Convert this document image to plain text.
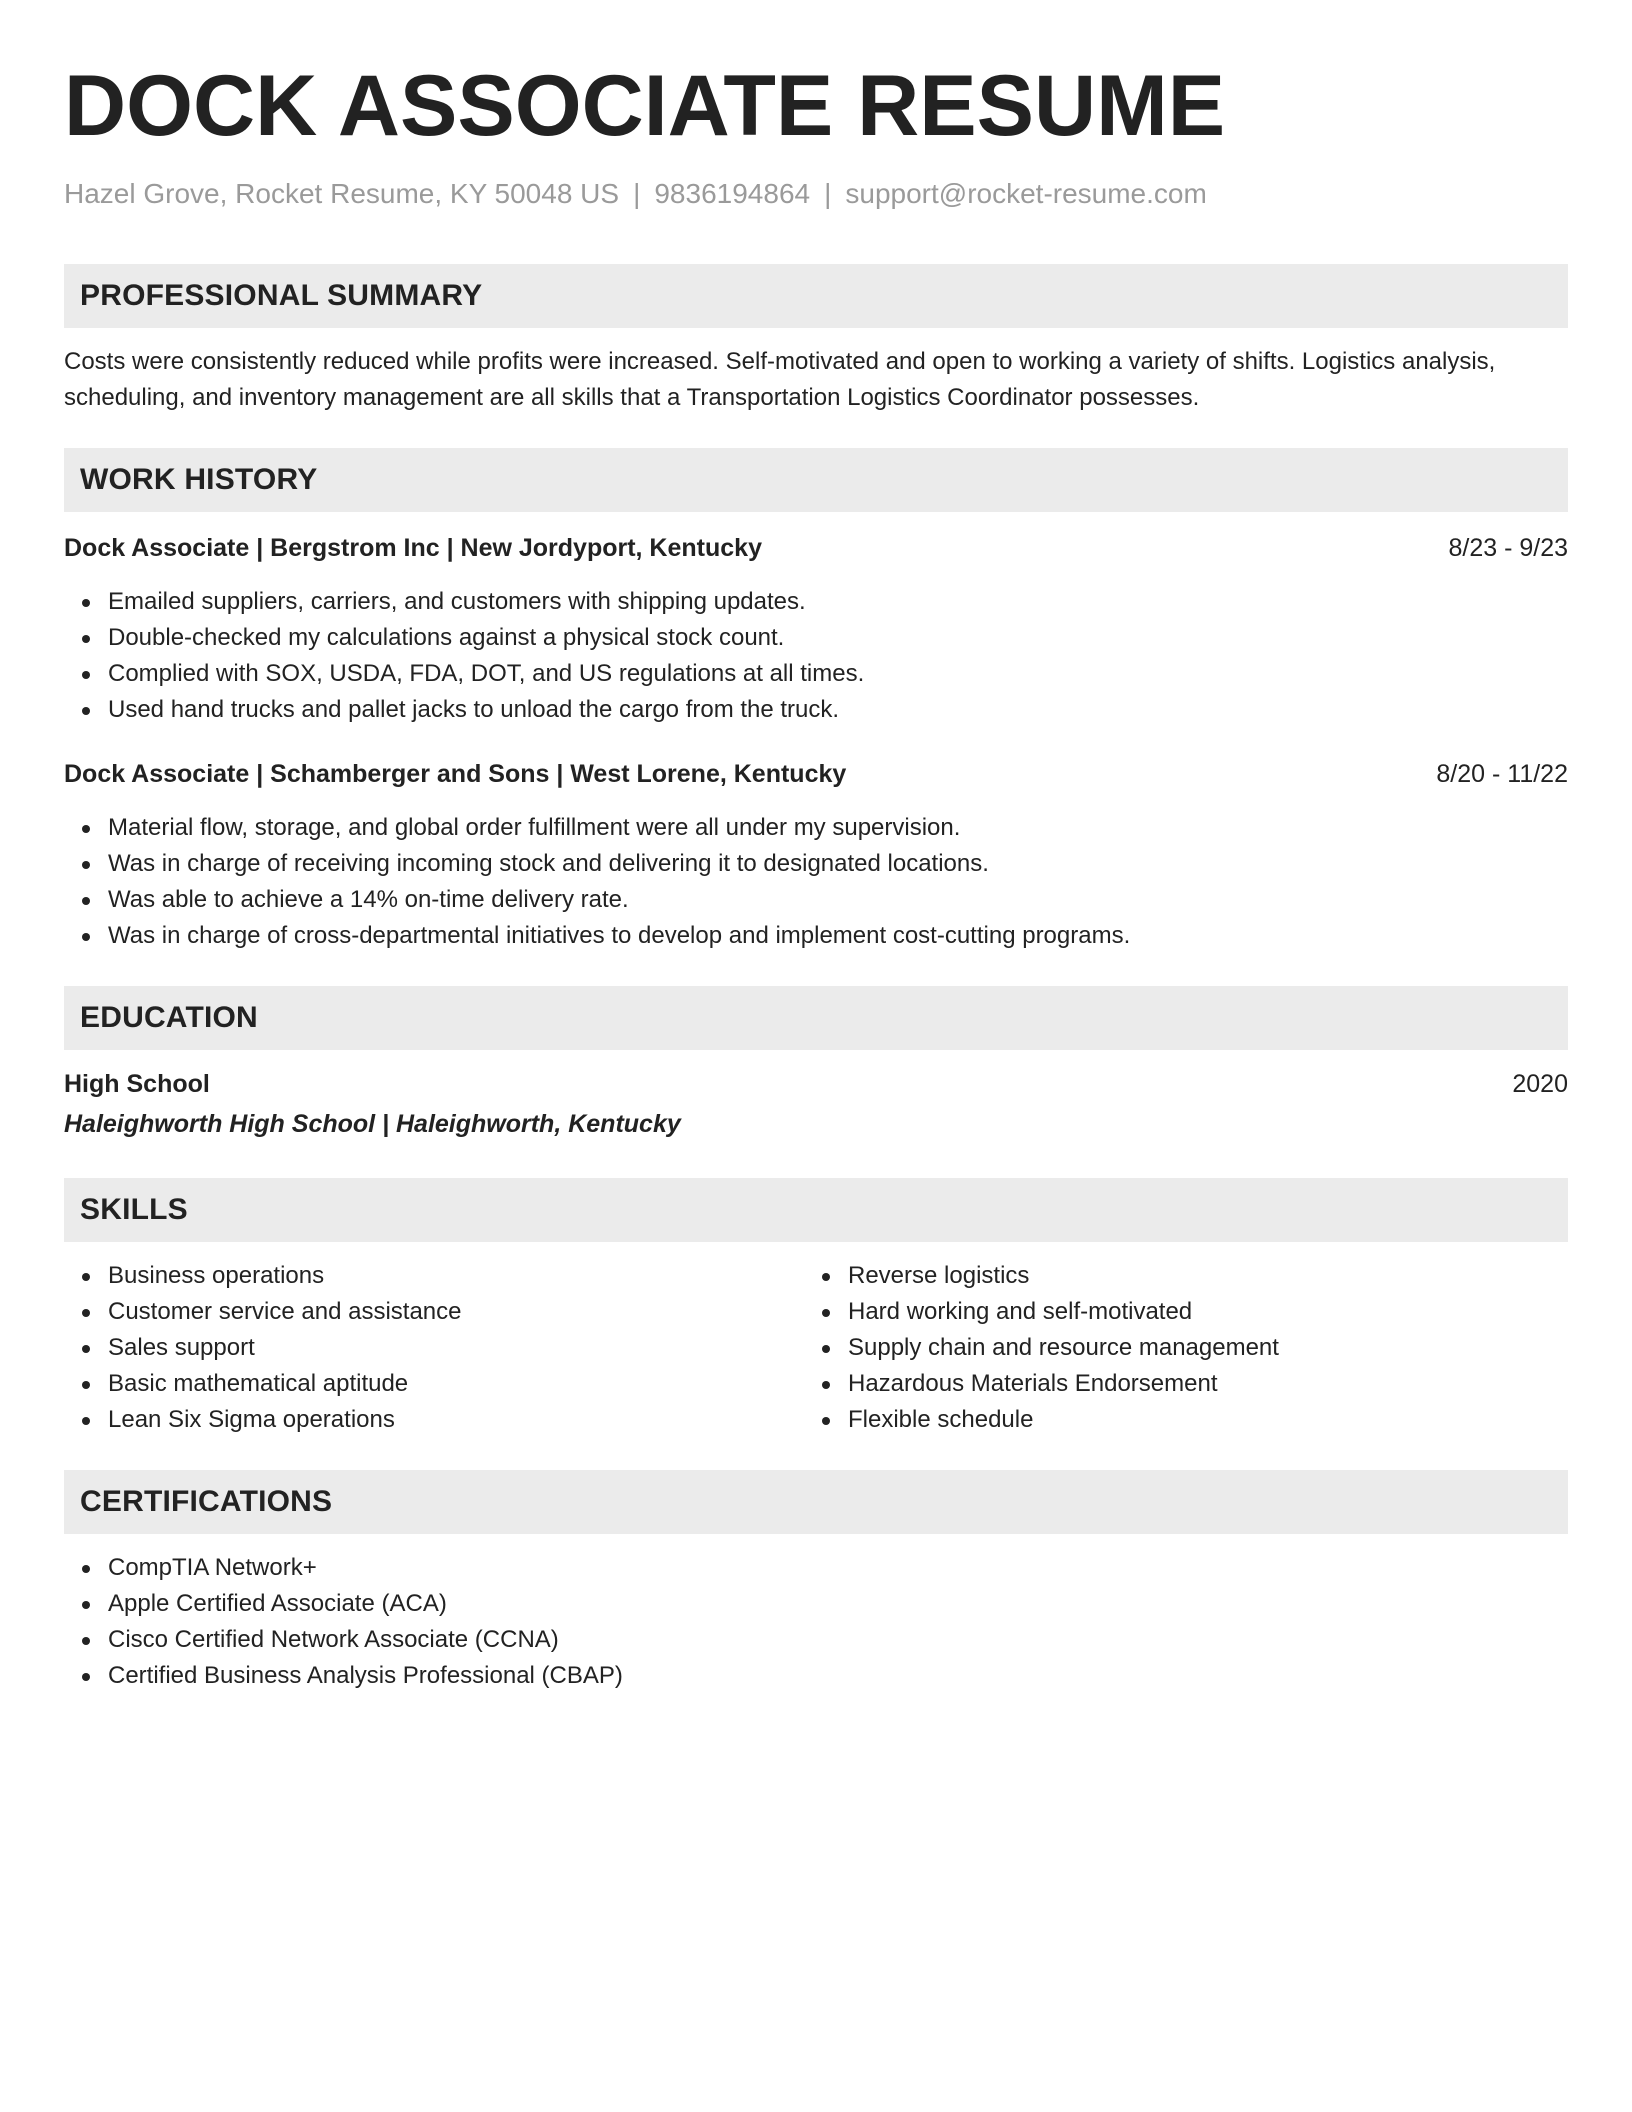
DOCK ASSOCIATE RESUME
Hazel Grove, Rocket Resume, KY 50048 US | 9836194864 | support@rocket-resume.com
PROFESSIONAL SUMMARY

Costs were consistently reduced while profits were increased. Self-motivated and open to working a variety of shifts. Logistics analysis, scheduling, and inventory management are all skills that a Transportation Logistics Coordinator possesses.

WORK HISTORY
Dock Associate | Bergstrom Inc | New Jordyport, Kentucky	8/23 - 9/23
Emailed suppliers, carriers, and customers with shipping updates.
Double-checked my calculations against a physical stock count.
Complied with SOX, USDA, FDA, DOT, and US regulations at all times.
Used hand trucks and pallet jacks to unload the cargo from the truck.
Dock Associate | Schamberger and Sons | West Lorene, Kentucky	8/20 - 11/22
Material flow, storage, and global order fulfillment were all under my supervision.
Was in charge of receiving incoming stock and delivering it to designated locations.
Was able to achieve a 14% on-time delivery rate.
Was in charge of cross-departmental initiatives to develop and implement cost-cutting programs.
EDUCATION
High School	2020
Haleighworth High School | Haleighworth, Kentucky
SKILLS
Business operations
Customer service and assistance
Sales support
Basic mathematical aptitude
Lean Six Sigma operations
Reverse logistics
Hard working and self-motivated
Supply chain and resource management
Hazardous Materials Endorsement
Flexible schedule
CERTIFICATIONS
CompTIA Network+
Apple Certified Associate (ACA)
Cisco Certified Network Associate (CCNA)
Certified Business Analysis Professional (CBAP)
